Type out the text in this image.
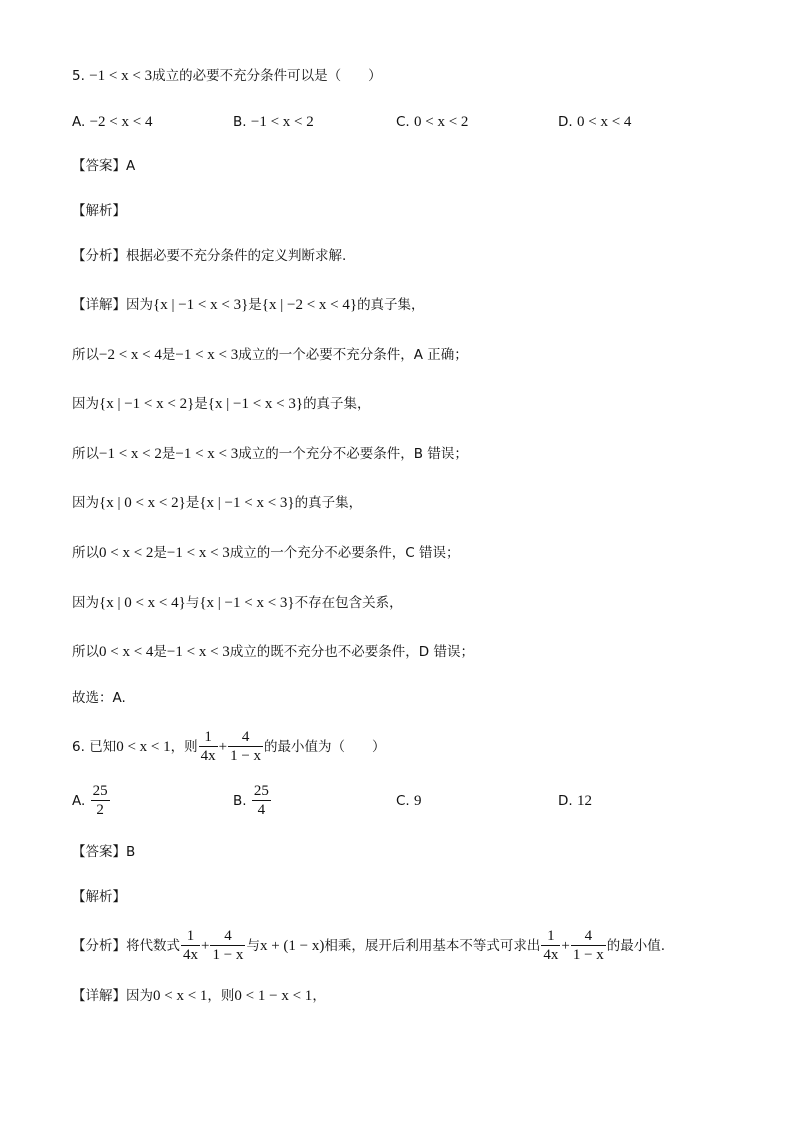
5. −1 < x < 3成立的必要不充分条件可以是（　　）
A. −2 < x < 4	B. −1 < x < 2	C. 0 < x < 2	D. 0 < x < 4
【答案】A
【解析】
【分析】根据必要不充分条件的定义判断求解.
【详解】因为{x | −1 < x < 3}是{x | −2 < x < 4}的真子集，
所以−2 < x < 4是−1 < x < 3成立的一个必要不充分条件，A 正确；
因为{x | −1 < x < 2}是{x | −1 < x < 3}的真子集，
所以−1 < x < 2是−1 < x < 3成立的一个充分不必要条件，B 错误；
因为{x | 0 < x < 2}是{x | −1 < x < 3}的真子集，
所以0 < x < 2是−1 < x < 3成立的一个充分不必要条件，C 错误；
因为{x | 0 < x < 4}与{x | −1 < x < 3}不存在包含关系，
所以0 < x < 4是−1 < x < 3成立的既不充分也不必要条件，D 错误；
故选：A.
6. 已知0 < x < 1，则 $\frac{1}{4x} + \frac{4}{1 - x}$ 的最小值为（　　）
A. $\frac{25}{2}$	B. $\frac{25}{4}$	C. 9	D. 12
【答案】B
【解析】
【分析】将代数式 $\frac{1}{4x} + \frac{4}{1 - x}$ 与x + (1 − x)相乘，展开后利用基本不等式可求出 $\frac{1}{4x} + \frac{4}{1 - x}$ 的最小值.
【详解】因为0 < x < 1，则0 < 1 − x < 1，
